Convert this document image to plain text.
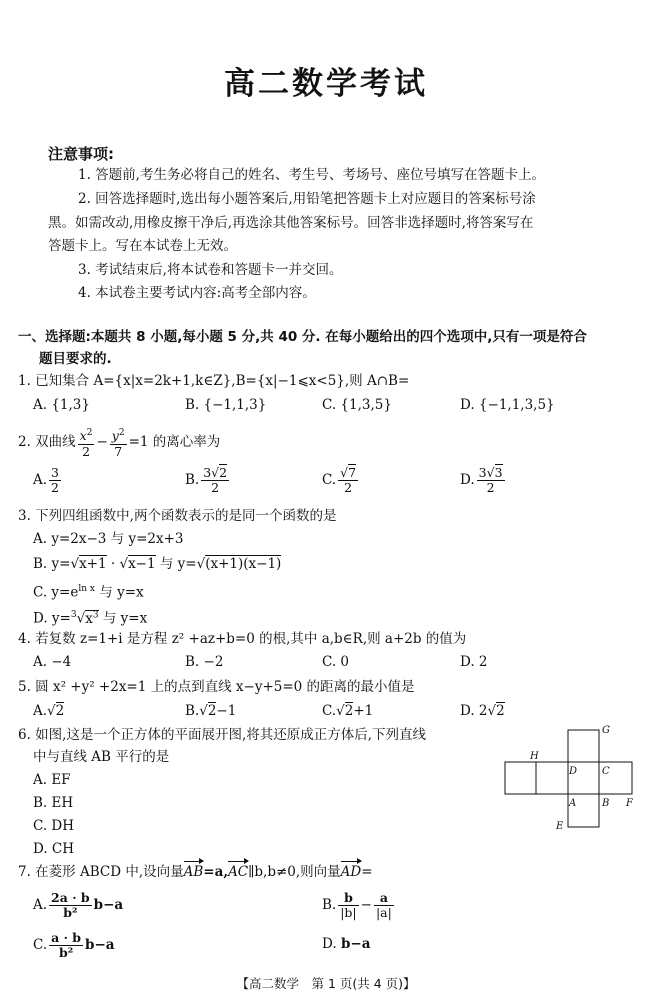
高二数学考试
注意事项:
1. 答题前,考生务必将自己的姓名、考生号、考场号、座位号填写在答题卡上。
2. 回答选择题时,选出每小题答案后,用铅笔把答题卡上对应题目的答案标号涂
黑。如需改动,用橡皮擦干净后,再选涂其他答案标号。回答非选择题时,将答案写在
答题卡上。写在本试卷上无效。
3. 考试结束后,将本试卷和答题卡一并交回。
4. 本试卷主要考试内容:高考全部内容。
一、选择题:本题共 8 小题,每小题 5 分,共 40 分. 在每小题给出的四个选项中,只有一项是符合
题目要求的.
1. 已知集合 A={x|x=2k+1,k∈Z},B={x|−1⩽x<5},则 A∩B=
A. {1,3}	B. {−1,1,3}	C. {1,3,5}	D. {−1,1,3,5}
2. 双曲线 $\frac{x^2}{2} - \frac{y^2}{7} =1$ 的离心率为
A. $\frac{3}{2}$	B. $\frac{3√2}{2}$	C. $\frac{√7}{2}$	D. $\frac{3√3}{2}$
3. 下列四组函数中,两个函数表示的是同一个函数的是
A. y=2x−3 与 y=2x+3
B. y=√x+1 · √x−1 与 y=√(x+1)(x−1)
C. $y=e^{ln x}$ 与 y=x
D. $y=^3√x^3$ 与 y=x
4. 若复数 z=1+i 是方程 z² +az+b=0 的根,其中 a,b∈R,则 a+2b 的值为
A. −4	B. −2	C. 0	D. 2
5. 圆 x² +y² +2x=1 上的点到直线 x−y+5=0 的距离的最小值是
A.√2	B.√2−1	C.√2+1	D. 2√2
6. 如图,这是一个正方体的平面展开图,将其还原成正方体后,下列直线
中与直线 AB 平行的是
A. EF
B. EH
C. DH
D. CH
G
H
D C
A	B F
E
7. 在菱形 ABCD 中,设向量AB=a,AC∥b,b≠0,则向量AD=
A. $\frac{2a \cdot b}{\text{b²}} b-a$	B. $\frac{b}{|b|} - \frac{a}{|a|}$
C. $\frac{a \cdot b}{\text{b²}} b-a$	D. b−a
【高二数学　第 1 页(共 4 页)】
